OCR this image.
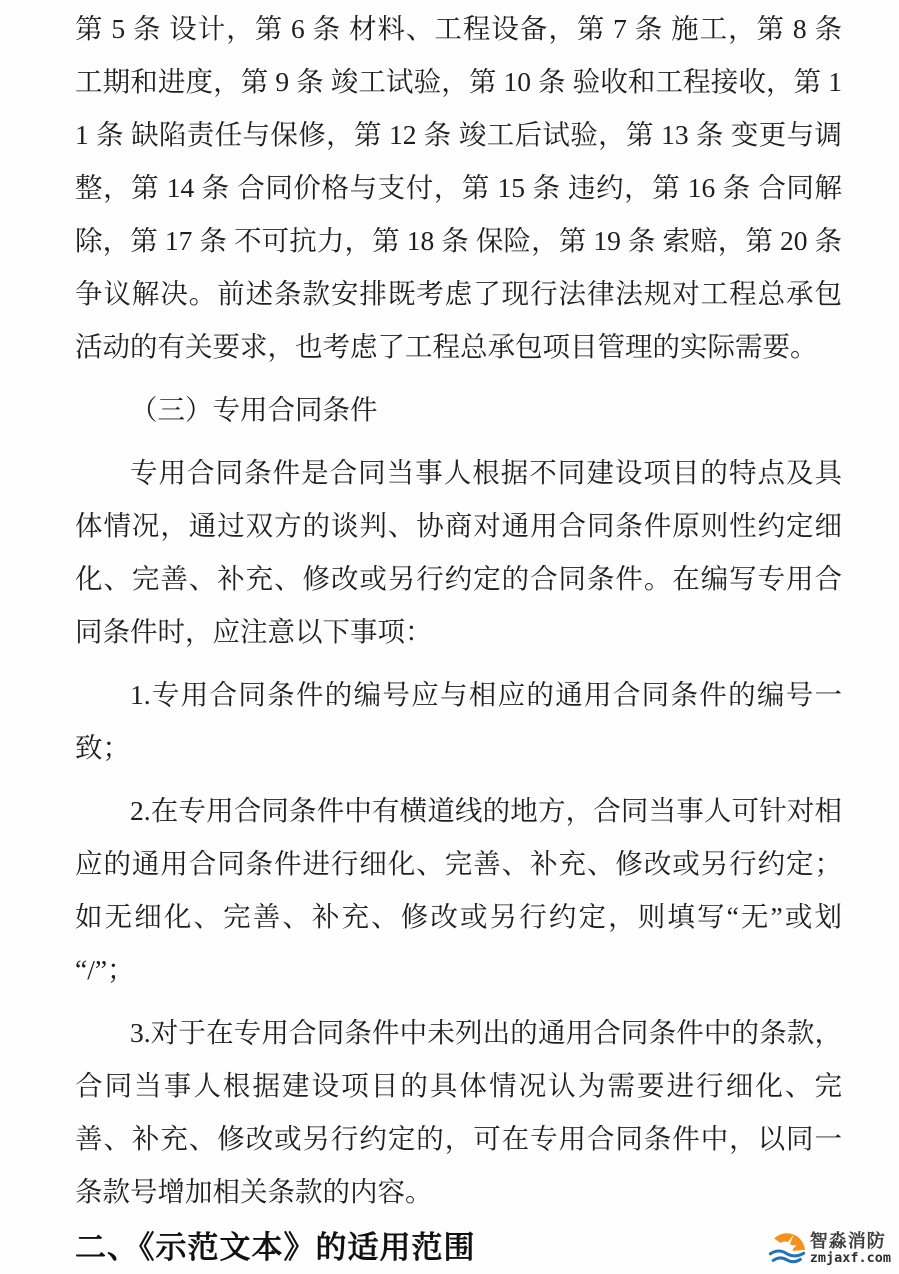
第 5 条 设计，第 6 条 材料、工程设备，第 7 条 施工，第 8 条 工期和进度，第 9 条 竣工试验，第 10 条 验收和工程接收，第 11 条 缺陷责任与保修，第 12 条 竣工后试验，第 13 条 变更与调整，第 14 条 合同价格与支付，第 15 条 违约，第 16 条 合同解除，第 17 条 不可抗力，第 18 条 保险，第 19 条 索赔，第 20 条 争议解决。前述条款安排既考虑了现行法律法规对工程总承包活动的有关要求，也考虑了工程总承包项目管理的实际需要。

（三）专用合同条件

专用合同条件是合同当事人根据不同建设项目的特点及具体情况，通过双方的谈判、协商对通用合同条件原则性约定细化、完善、补充、修改或另行约定的合同条件。在编写专用合同条件时，应注意以下事项：

1.专用合同条件的编号应与相应的通用合同条件的编号一致；

2.在专用合同条件中有横道线的地方，合同当事人可针对相应的通用合同条件进行细化、完善、补充、修改或另行约定；如无细化、完善、补充、修改或另行约定，则填写“无”或划“/”；

3.对于在专用合同条件中未列出的通用合同条件中的条款，合同当事人根据建设项目的具体情况认为需要进行细化、完善、补充、修改或另行约定的，可在专用合同条件中，以同一条款号增加相关条款的内容。

二、《示范文本》的适用范围	智淼消防
zmjaxf.com
